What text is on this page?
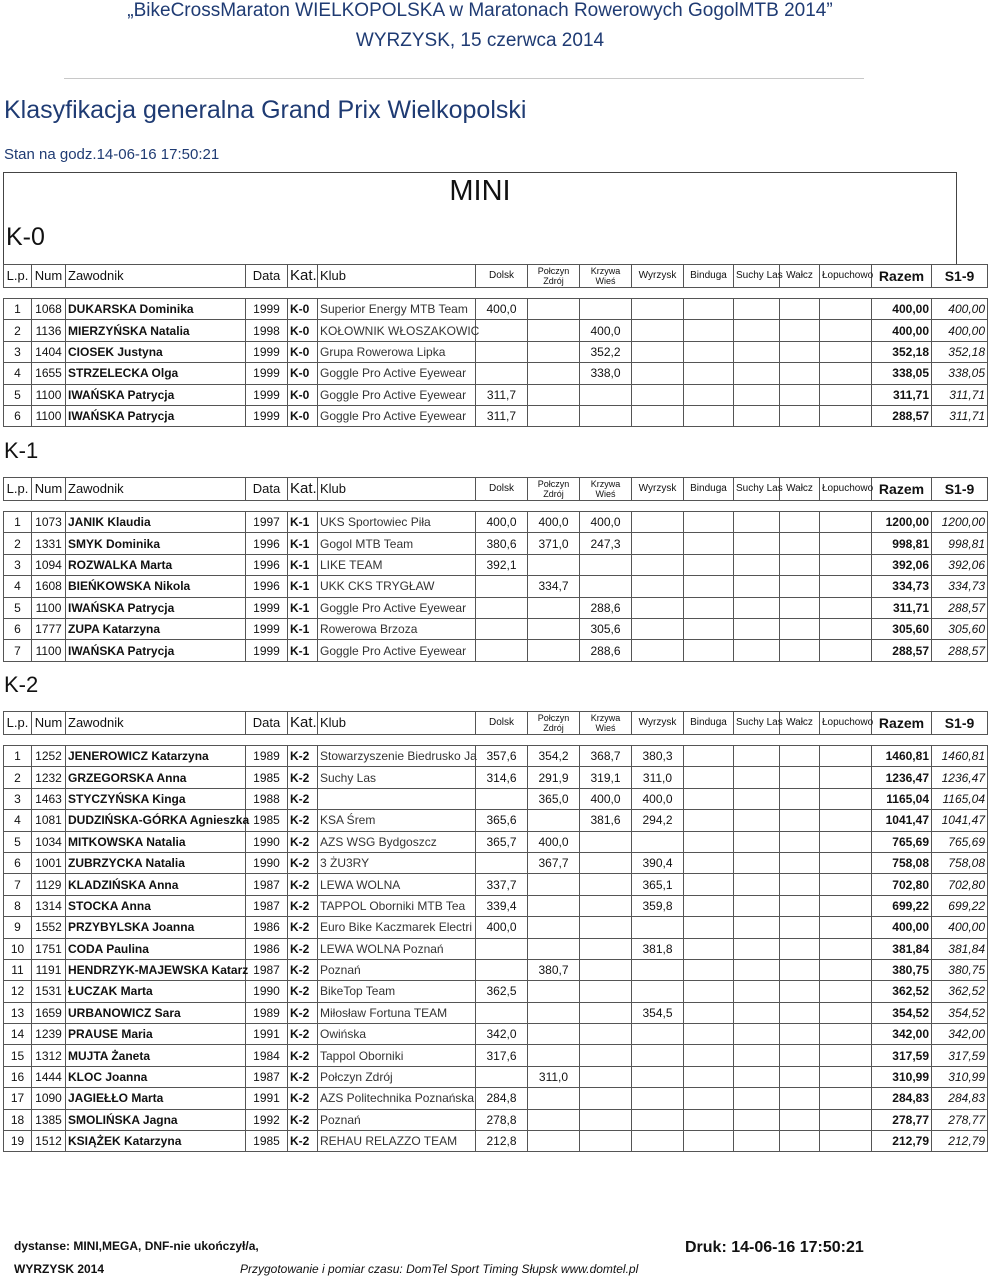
„BikeCrossMaraton WIELKOPOLSKA w Maratonach Rowerowych GogolMTB 2014”
WYRZYSK, 15 czerwca 2014
Klasyfikacja generalna Grand Prix Wielkopolski
Stan na godz.14-06-16 17:50:21
MINI
K-0
K-1
K-2
L.p.	Num	Zawodnik	Data	Kat.	Klub	Dolsk	Połczyn Zdrój	Krzywa Wieś	Wyrzysk	Binduga	Suchy Las	Wałcz	Łopuchowo	Razem	S1-9

1	1068	DUKARSKA Dominika	1999	K-0	Superior Energy MTB Team	400,0								400,00	400,00
2	1136	MIERZYŃSKA Natalia	1998	K-0	KOŁOWNIK WŁOSZAKOWIC			400,0						400,00	400,00
3	1404	CIOSEK Justyna	1999	K-0	Grupa Rowerowa Lipka			352,2						352,18	352,18
4	1655	STRZELECKA Olga	1999	K-0	Goggle Pro Active Eyewear			338,0						338,05	338,05
5	1100	IWAŃSKA Patrycja	1999	K-0	Goggle Pro Active Eyewear	311,7								311,71	311,71
6	1100	IWAŃSKA Patrycja	1999	K-0	Goggle Pro Active Eyewear	311,7								288,57	311,71
L.p.	Num	Zawodnik	Data	Kat.	Klub	Dolsk	Połczyn Zdrój	Krzywa Wieś	Wyrzysk	Binduga	Suchy Las	Wałcz	Łopuchowo	Razem	S1-9

1	1073	JANIK Klaudia	1997	K-1	UKS Sportowiec Piła	400,0	400,0	400,0						1200,00	1200,00
2	1331	SMYK Dominika	1996	K-1	Gogol MTB Team	380,6	371,0	247,3						998,81	998,81
3	1094	ROZWALKA Marta	1996	K-1	LIKE TEAM	392,1								392,06	392,06
4	1608	BIEŃKOWSKA Nikola	1996	K-1	UKK CKS TRYGŁAW		334,7							334,73	334,73
5	1100	IWAŃSKA Patrycja	1999	K-1	Goggle Pro Active Eyewear			288,6						311,71	288,57
6	1777	ZUPA Katarzyna	1999	K-1	Rowerowa Brzoza			305,6						305,60	305,60
7	1100	IWAŃSKA Patrycja	1999	K-1	Goggle Pro Active Eyewear			288,6						288,57	288,57
L.p.	Num	Zawodnik	Data	Kat.	Klub	Dolsk	Połczyn Zdrój	Krzywa Wieś	Wyrzysk	Binduga	Suchy Las	Wałcz	Łopuchowo	Razem	S1-9

1	1252	JENEROWICZ Katarzyna	1989	K-2	Stowarzyszenie Biedrusko Ja	357,6	354,2	368,7	380,3					1460,81	1460,81
2	1232	GRZEGORSKA Anna	1985	K-2	Suchy Las	314,6	291,9	319,1	311,0					1236,47	1236,47
3	1463	STYCZYŃSKA Kinga	1988	K-2			365,0	400,0	400,0					1165,04	1165,04
4	1081	DUDZIŃSKA-GÓRKA Agnieszka	1985	K-2	KSA Śrem	365,6		381,6	294,2					1041,47	1041,47
5	1034	MITKOWSKA Natalia	1990	K-2	AZS WSG Bydgoszcz	365,7	400,0							765,69	765,69
6	1001	ZUBRZYCKA Natalia	1990	K-2	3 ŻU3RY		367,7		390,4					758,08	758,08
7	1129	KLADZIŃSKA Anna	1987	K-2	LEWA WOLNA	337,7			365,1					702,80	702,80
8	1314	STOCKA Anna	1987	K-2	TAPPOL Oborniki MTB Tea	339,4			359,8					699,22	699,22
9	1552	PRZYBYLSKA Joanna	1986	K-2	Euro Bike Kaczmarek Electri	400,0								400,00	400,00
10	1751	CODA Paulina	1986	K-2	LEWA WOLNA Poznań				381,8					381,84	381,84
11	1191	HENDRZYK-MAJEWSKA Katarz	1987	K-2	Poznań		380,7							380,75	380,75
12	1531	ŁUCZAK Marta	1990	K-2	BikeTop Team	362,5								362,52	362,52
13	1659	URBANOWICZ Sara	1989	K-2	Miłosław Fortuna TEAM				354,5					354,52	354,52
14	1239	PRAUSE Maria	1991	K-2	Owińska	342,0								342,00	342,00
15	1312	MUJTA Żaneta	1984	K-2	Tappol Oborniki	317,6								317,59	317,59
16	1444	KLOC Joanna	1987	K-2	Połczyn Zdrój		311,0							310,99	310,99
17	1090	JAGIEŁŁO Marta	1991	K-2	AZS Politechnika Poznańska	284,8								284,83	284,83
18	1385	SMOLIŃSKA Jagna	1992	K-2	Poznań	278,8								278,77	278,77
19	1512	KSIĄŻEK Katarzyna	1985	K-2	REHAU RELAZZO TEAM	212,8								212,79	212,79
dystanse: MINI,MEGA, DNF-nie ukończył/a,
WYRZYSK 2014	Przygotowanie i pomiar czasu: DomTel Sport Timing Słupsk www.domtel.pl
Druk: 14-06-16 17:50:21
